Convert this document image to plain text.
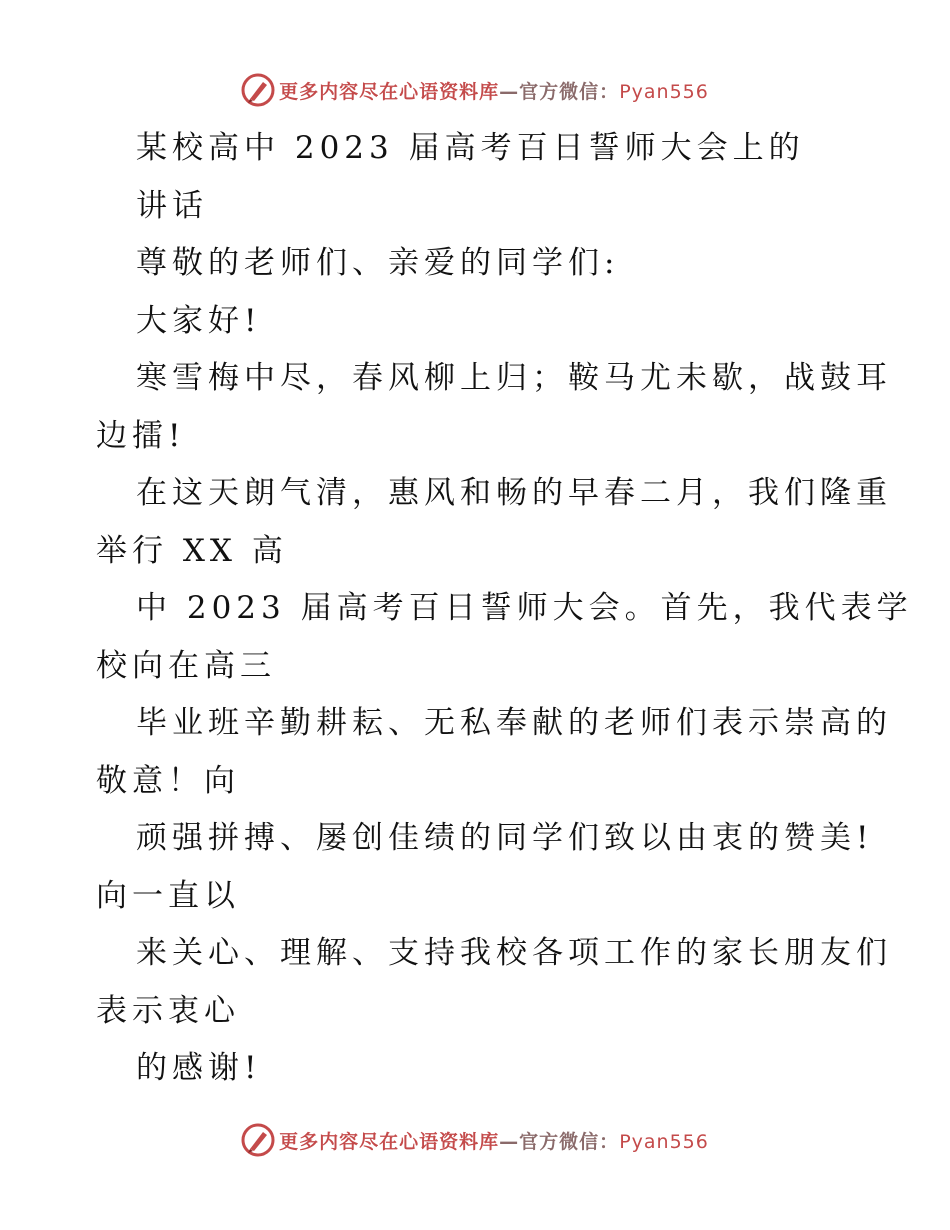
更多内容尽在心语资料库—官方微信：Pyan556
某校高中 2023 届高考百日誓师大会上的
讲话
尊敬的老师们、亲爱的同学们:
大家好!
寒雪梅中尽，春风柳上归；鞍马尤未歇，战鼓耳
边擂!
在这天朗气清，惠风和畅的早春二月，我们隆重
举行 XX 高
中 2023 届高考百日誓师大会。首先，我代表学
校向在高三
毕业班辛勤耕耘、无私奉献的老师们表示崇高的
敬意！向
顽强拼搏、屡创佳绩的同学们致以由衷的赞美!
向一直以
来关心、理解、支持我校各项工作的家长朋友们
表示衷心
的感谢!
更多内容尽在心语资料库—官方微信：Pyan556
